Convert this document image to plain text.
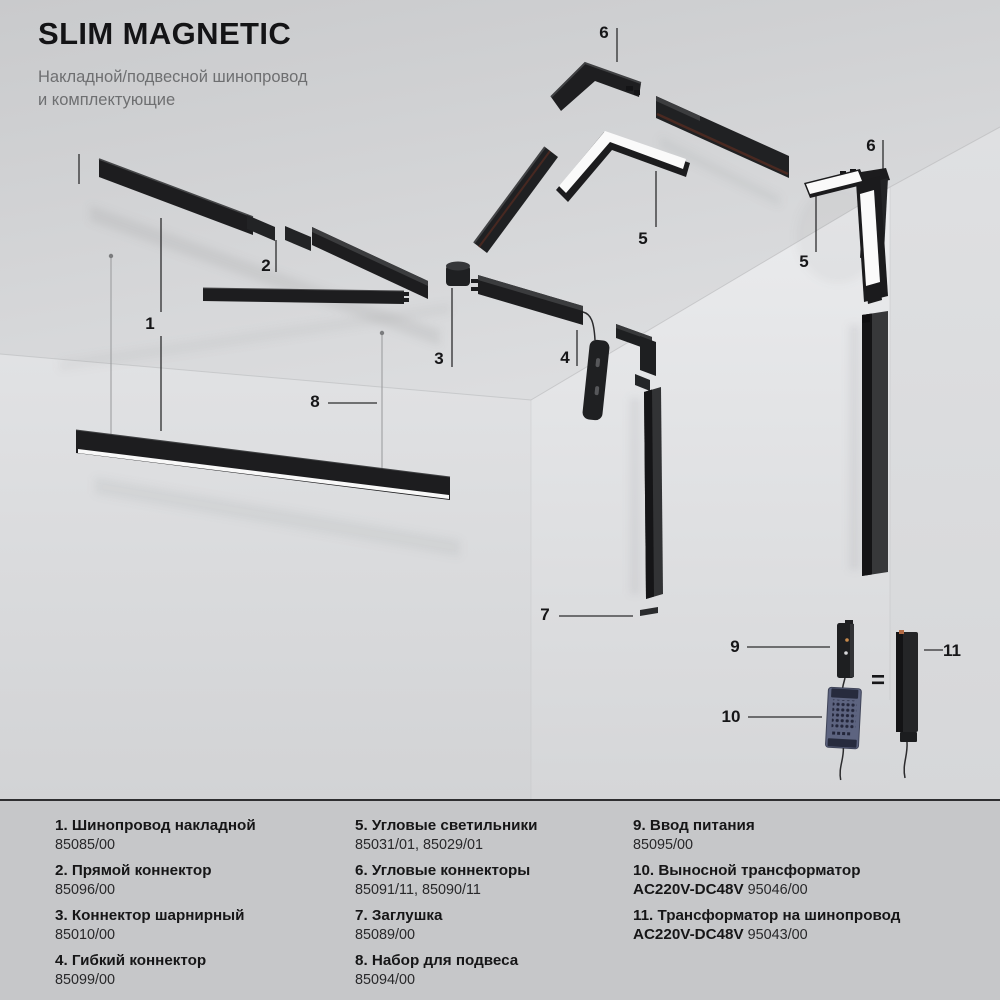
SLIM MAGNETIC
Накладной/подвесной шинопровод
и комплектующие
1
2
3	4
5
5
6
6
7
8
9
10
11
=
1. Шинопровод накладной
85085/00
2. Прямой коннектор
85096/00
3. Коннектор шарнирный
85010/00
4. Гибкий коннектор
85099/00
5. Угловые светильники
85031/01, 85029/01
6. Угловые коннекторы
85091/11, 85090/11
7. Заглушка
85089/00
8. Набор для подвеса
85094/00
9. Ввод питания
85095/00
10. Выносной трансформатор
AC220V-DC48V 95046/00
11. Трансформатор на шинопровод
AC220V-DC48V 95043/00
